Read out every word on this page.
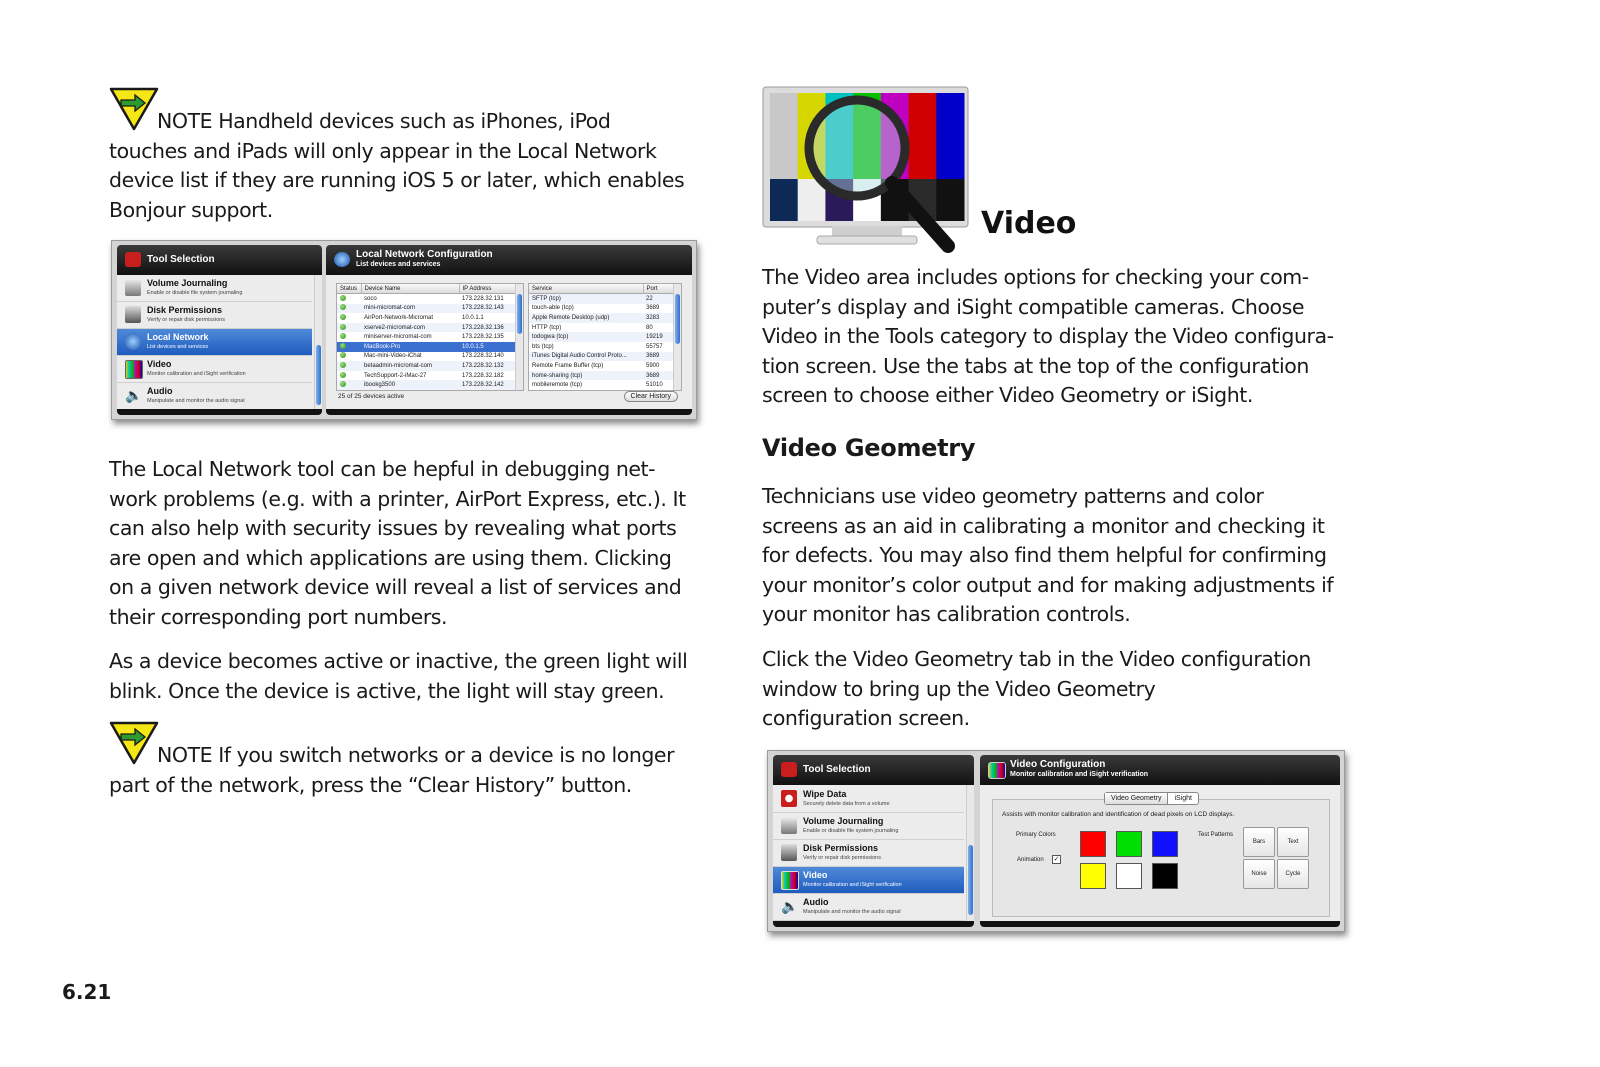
NOTE Handheld devices such as iPhones, iPod
touches and iPads will only appear in the Local Network
device list if they are running iOS 5 or later, which enables
Bonjour support.
Tool Selection
Volume Journaling
Enable or disable file system journaling
Disk Permissions
Verify or repair disk permissions
Local Network
List devices and services
Video
Monitor calibration and iSight verification
🔈 Audio
Manipulate and monitor the audio signal
Local Network Configuration
List devices and services
Status	Device Name	IP Address
	soco	173.228.32.131
	mini-micromat-com	173.228.32.143
	AirPort-Network-Micromat	10.0.1.1
	xserve2-micromat-com	173.228.32.136
	miniserver-micromat-com	173.228.32.135
	MacBook-Pro	10.0.1.5
	Mac-mini-Video-iChat	173.228.32.140
	betaadmin-micromat-com	173.228.32.132
	TechSupport-2-iMac-27	173.228.32.182
	ibookg3500	173.228.32.142
Service	Port
SFTP (tcp)	22
touch-able (tcp)	3689
Apple Remote Desktop (udp)	3283
HTTP (tcp)	80
todogwa (tcp)	19219
bts (tcp)	55757
iTunes Digital Audio Control Proto...	3689
Remote Frame Buffer (tcp)	5900
home-sharing (tcp)	3689
mobileremote (tcp)	51010
25 of 25 devices active	Clear History
The Local Network tool can be hepful in debugging net-
work problems (e.g. with a printer, AirPort Express, etc.). It
can also help with security issues by revealing what ports
are open and which applications are using them. Clicking
on a given network device will reveal a list of services and
their corresponding port numbers.
As a device becomes active or inactive, the green light will
blink. Once the device is active, the light will stay green.
NOTE If you switch networks or a device is no longer
part of the network, press the “Clear History” button.
6.21
Video
The Video area includes options for checking your com-
puter’s display and iSight compatible cameras. Choose
Video in the Tools category to display the Video configura-
tion screen. Use the tabs at the top of the configuration
screen to choose either Video Geometry or iSight.
Video Geometry
Technicians use video geometry patterns and color
screens as an aid in calibrating a monitor and checking it
for defects. You may also find them helpful for confirming
your monitor’s color output and for making adjustments if
your monitor has calibration controls.
Click the Video Geometry tab in the Video configuration
window to bring up the Video Geometry
configuration screen.
Tool Selection
Wipe Data
Securely delete data from a volume
Volume Journaling
Enable or disable file system journaling
Disk Permissions
Verify or repair disk permissions
Video
Monitor calibration and iSight verification
🔈 Audio
Manipulate and monitor the audio signal
Video Configuration
Monitor calibration and iSight verification
Video Geometry	iSight
Assists with monitor calibration and identification of dead pixels on LCD displays.
Primary Colors
Animation ✓
Test Patterns
Bars	Text
Noise	Cycle
